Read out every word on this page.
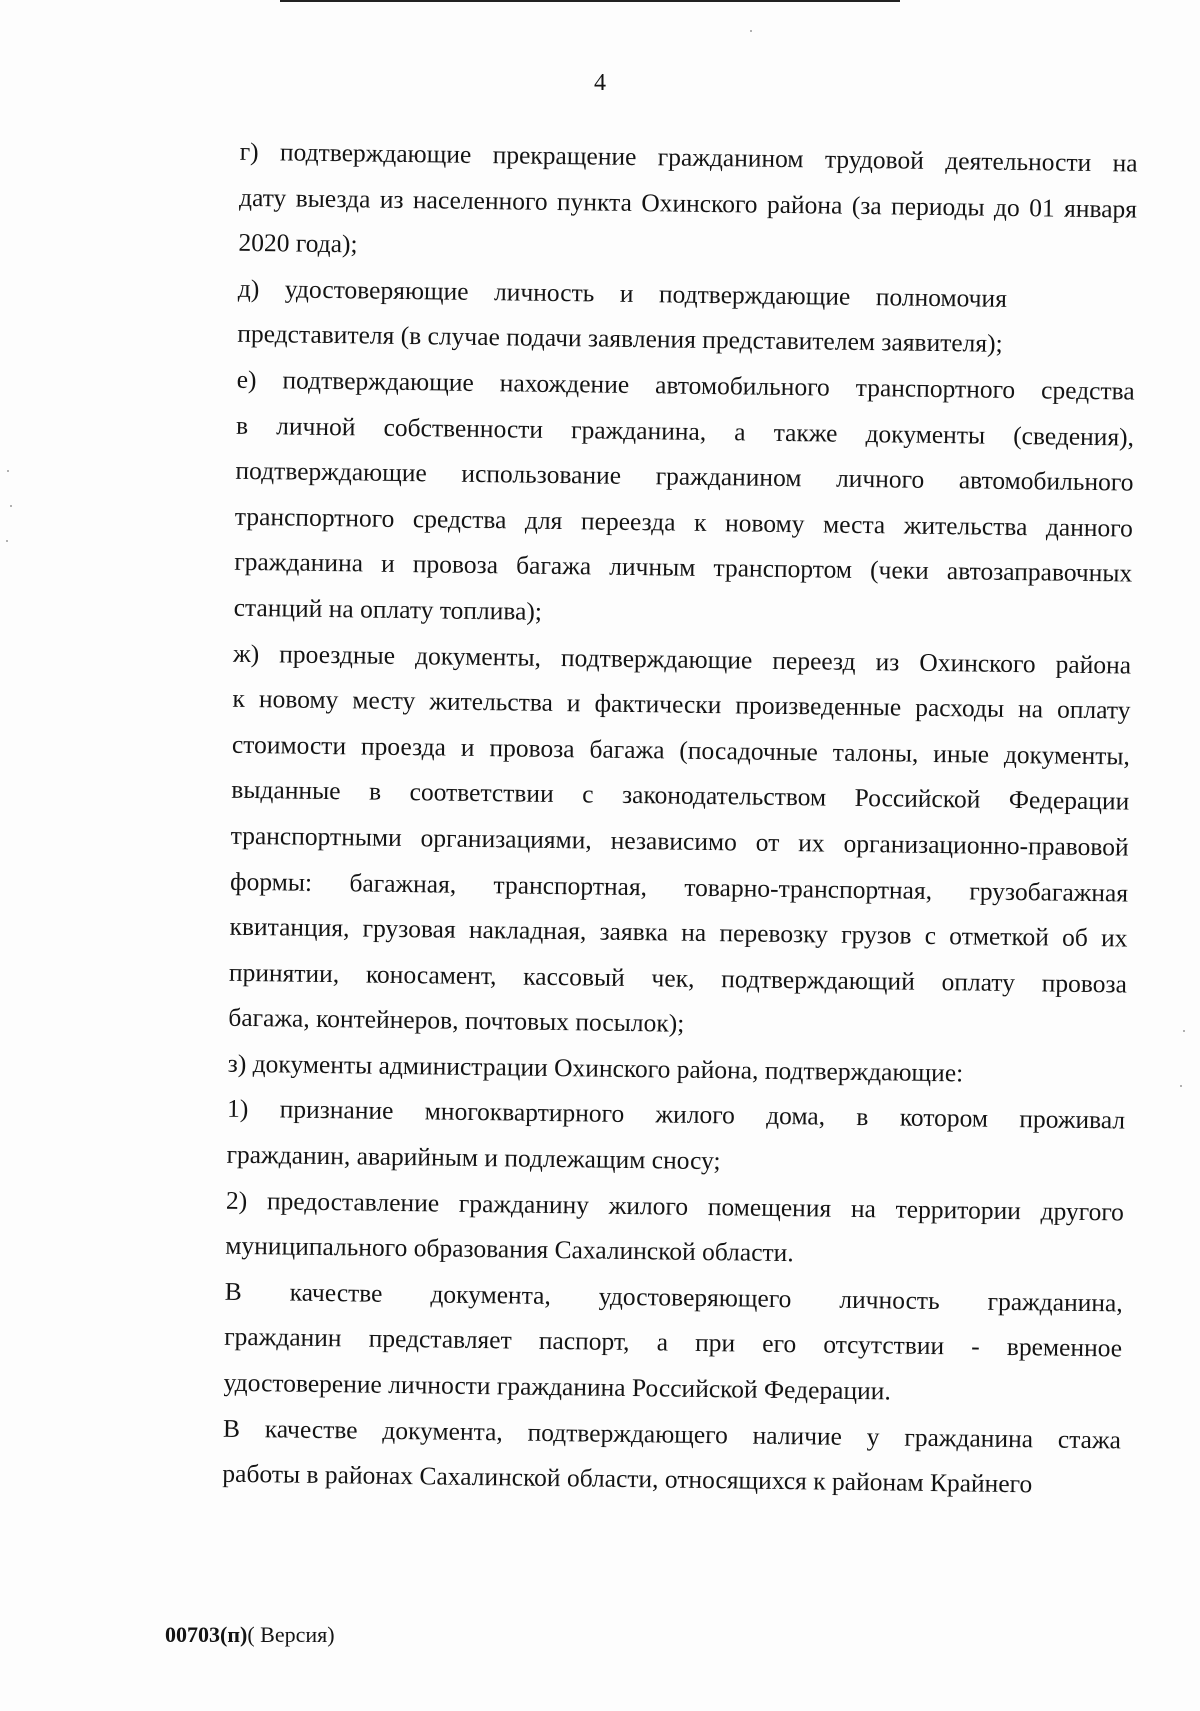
4

г) подтверждающие прекращение гражданином трудовой деятельности на
дату выезда из населенного пункта Охинского района (за периоды до 01 января
2020 года);

д) удостоверяющие личность и подтверждающие полномочия
представителя (в случае подачи заявления представителем заявителя);

е) подтверждающие нахождение автомобильного транспортного средства
в личной собственности гражданина, а также документы (сведения),
подтверждающие использование гражданином личного автомобильного
транспортного средства для переезда к новому места жительства данного
гражданина и провоза багажа личным транспортом (чеки автозаправочных
станций на оплату топлива);

ж) проездные документы, подтверждающие переезд из Охинского района
к новому месту жительства и фактически произведенные расходы на оплату
стоимости проезда и провоза багажа (посадочные талоны, иные документы,
выданные в соответствии с законодательством Российской Федерации
транспортными организациями, независимо от их организационно-правовой
формы: багажная, транспортная, товарно-транспортная, грузобагажная
квитанция, грузовая накладная, заявка на перевозку грузов с отметкой об их
принятии, коносамент, кассовый чек, подтверждающий оплату провоза
багажа, контейнеров, почтовых посылок);

з) документы администрации Охинского района, подтверждающие:

1) признание многоквартирного жилого дома, в котором проживал
гражданин, аварийным и подлежащим сносу;

2) предоставление гражданину жилого помещения на территории другого
муниципального образования Сахалинской области.

В качестве документа, удостоверяющего личность гражданина,
гражданин представляет паспорт, а при его отсутствии - временное
удостоверение личности гражданина Российской Федерации.

В качестве документа, подтверждающего наличие у гражданина стажа
работы в районах Сахалинской области, относящихся к районам Крайнего

00703(п)( Версия)
